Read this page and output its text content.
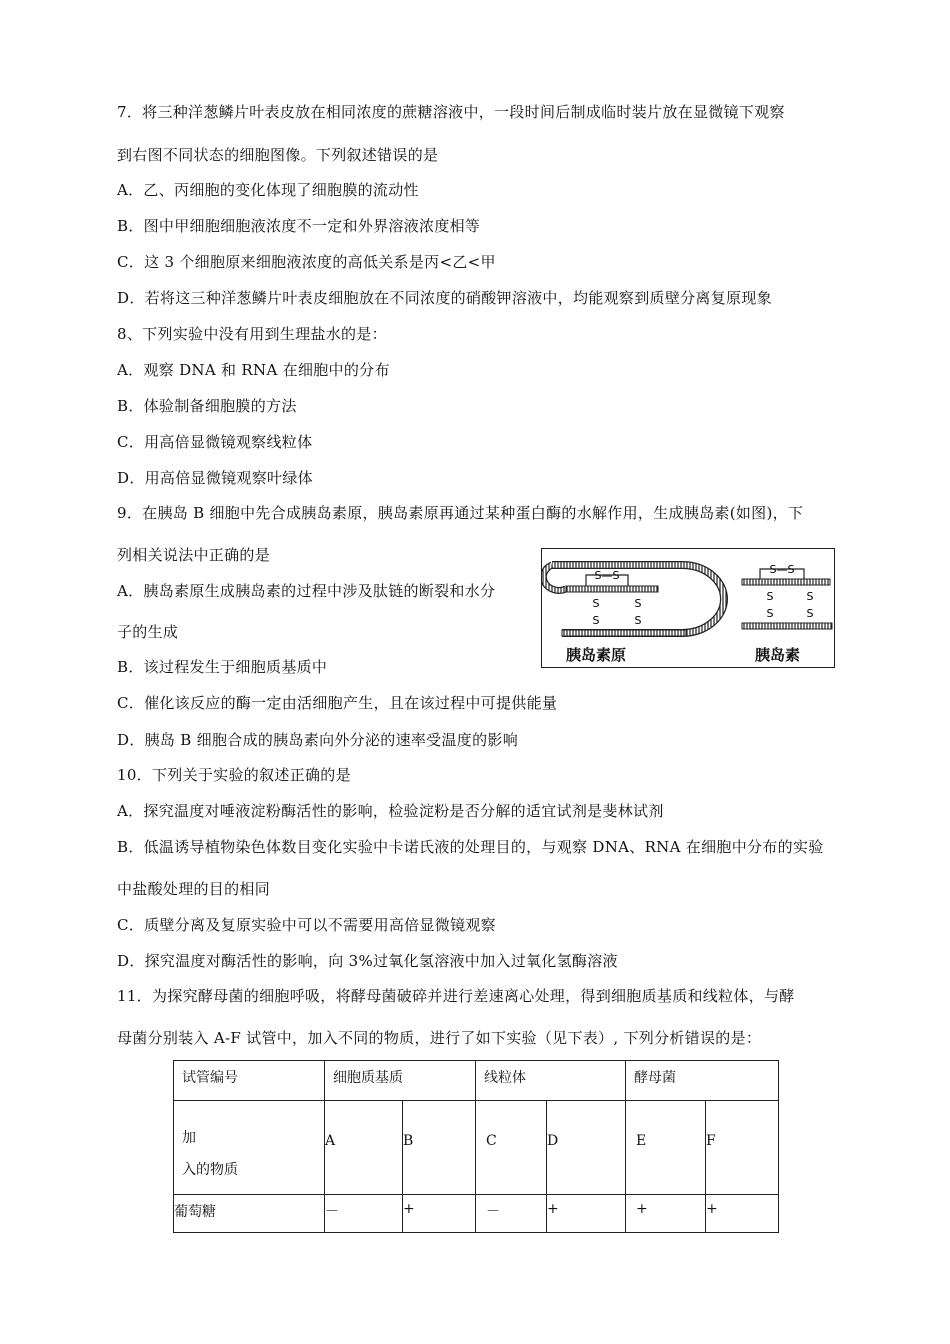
7．将三种洋葱鳞片叶表皮放在相同浓度的蔗糖溶液中，一段时间后制成临时装片放在显微镜下观察
到右图不同状态的细胞图像。下列叙述错误的是
A．乙、丙细胞的变化体现了细胞膜的流动性
B．图中甲细胞细胞液浓度不一定和外界溶液浓度相等
C．这 3 个细胞原来细胞液浓度的高低关系是丙<乙<甲
D．若将这三种洋葱鳞片叶表皮细胞放在不同浓度的硝酸钾溶液中，均能观察到质壁分离复原现象
8、下列实验中没有用到生理盐水的是：
A．观察 DNA 和 RNA 在细胞中的分布
B．体验制备细胞膜的方法
C．用高倍显微镜观察线粒体
D．用高倍显微镜观察叶绿体
9．在胰岛 B 细胞中先合成胰岛素原，胰岛素原再通过某种蛋白酶的水解作用，生成胰岛素(如图)，下
列相关说法中正确的是
A．胰岛素原生成胰岛素的过程中涉及肽链的断裂和水分
子的生成
B．该过程发生于细胞质基质中
C．催化该反应的酶一定由活细胞产生，且在该过程中可提供能量
D．胰岛 B 细胞合成的胰岛素向外分泌的速率受温度的影响
S—S
S
S
S
S
S—S
S
S
S
S
胰岛素原	胰岛素
10．下列关于实验的叙述正确的是
A．探究温度对唾液淀粉酶活性的影响，检验淀粉是否分解的适宜试剂是斐林试剂
B．低温诱导植物染色体数目变化实验中卡诺氏液的处理目的，与观察 DNA、RNA 在细胞中分布的实验
中盐酸处理的目的相同
C．质壁分离及复原实验中可以不需要用高倍显微镜观察
D．探究温度对酶活性的影响，向 3%过氧化氢溶液中加入过氧化氢酶溶液
11．为探究酵母菌的细胞呼吸，将酵母菌破碎并进行差速离心处理，得到细胞质基质和线粒体，与酵
母菌分别装入 A-F 试管中，加入不同的物质，进行了如下实验（见下表）, 下列分析错误的是：
试管编号	细胞质基质		线粒体		酵母菌	

加
入的物质	A	B	C	D	E	F

葡萄糖	－	+	－	+	+	+
